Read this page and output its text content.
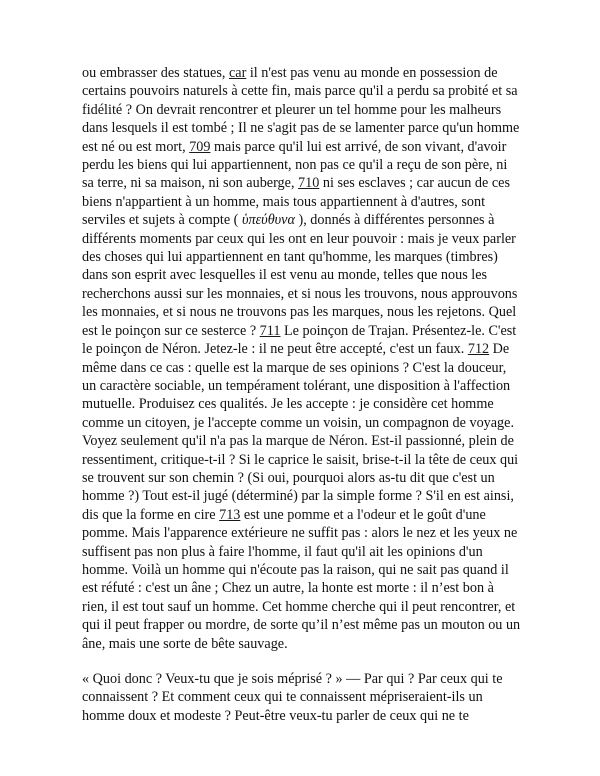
ou embrasser des statues, car il n'est pas venu au monde en possession de certains pouvoirs naturels à cette fin, mais parce qu'il a perdu sa probité et sa fidélité ? On devrait rencontrer et pleurer un tel homme pour les malheurs dans lesquels il est tombé ; Il ne s'agit pas de se lamenter parce qu'un homme est né ou est mort, 709 mais parce qu'il lui est arrivé, de son vivant, d'avoir perdu les biens qui lui appartiennent, non pas ce qu'il a reçu de son père, ni sa terre, ni sa maison, ni son auberge, 710 ni ses esclaves ; car aucun de ces biens n'appartient à un homme, mais tous appartiennent à d'autres, sont serviles et sujets à compte ( ὑπεύθυνα ), donnés à différentes personnes à différents moments par ceux qui les ont en leur pouvoir : mais je veux parler des choses qui lui appartiennent en tant qu'homme, les marques (timbres) dans son esprit avec lesquelles il est venu au monde, telles que nous les recherchons aussi sur les monnaies, et si nous les trouvons, nous approuvons les monnaies, et si nous ne trouvons pas les marques, nous les rejetons. Quel est le poinçon sur ce sesterce ? 711 Le poinçon de Trajan. Présentez-le. C'est le poinçon de Néron. Jetez-le : il ne peut être accepté, c'est un faux. 712 De même dans ce cas : quelle est la marque de ses opinions ? C'est la douceur, un caractère sociable, un tempérament tolérant, une disposition à l'affection mutuelle. Produisez ces qualités. Je les accepte : je considère cet homme comme un citoyen, je l'accepte comme un voisin, un compagnon de voyage. Voyez seulement qu'il n'a pas la marque de Néron. Est-il passionné, plein de ressentiment, critique-t-il ? Si le caprice le saisit, brise-t-il la tête de ceux qui se trouvent sur son chemin ? (Si oui, pourquoi alors as-tu dit que c'est un homme ?) Tout est-il jugé (déterminé) par la simple forme ? S'il en est ainsi, dis que la forme en cire 713 est une pomme et a l'odeur et le goût d'une pomme. Mais l'apparence extérieure ne suffit pas : alors le nez et les yeux ne suffisent pas non plus à faire l'homme, il faut qu'il ait les opinions d'un homme. Voilà un homme qui n'écoute pas la raison, qui ne sait pas quand il est réfuté : c'est un âne ; Chez un autre, la honte est morte : il n’est bon à rien, il est tout sauf un homme. Cet homme cherche qui il peut rencontrer, et qui il peut frapper ou mordre, de sorte qu’il n’est même pas un mouton ou un âne, mais une sorte de bête sauvage.

« Quoi donc ? Veux-tu que je sois méprisé ? » — Par qui ? Par ceux qui te connaissent ? Et comment ceux qui te connaissent mépriseraient-ils un homme doux et modeste ? Peut-être veux-tu parler de ceux qui ne te
